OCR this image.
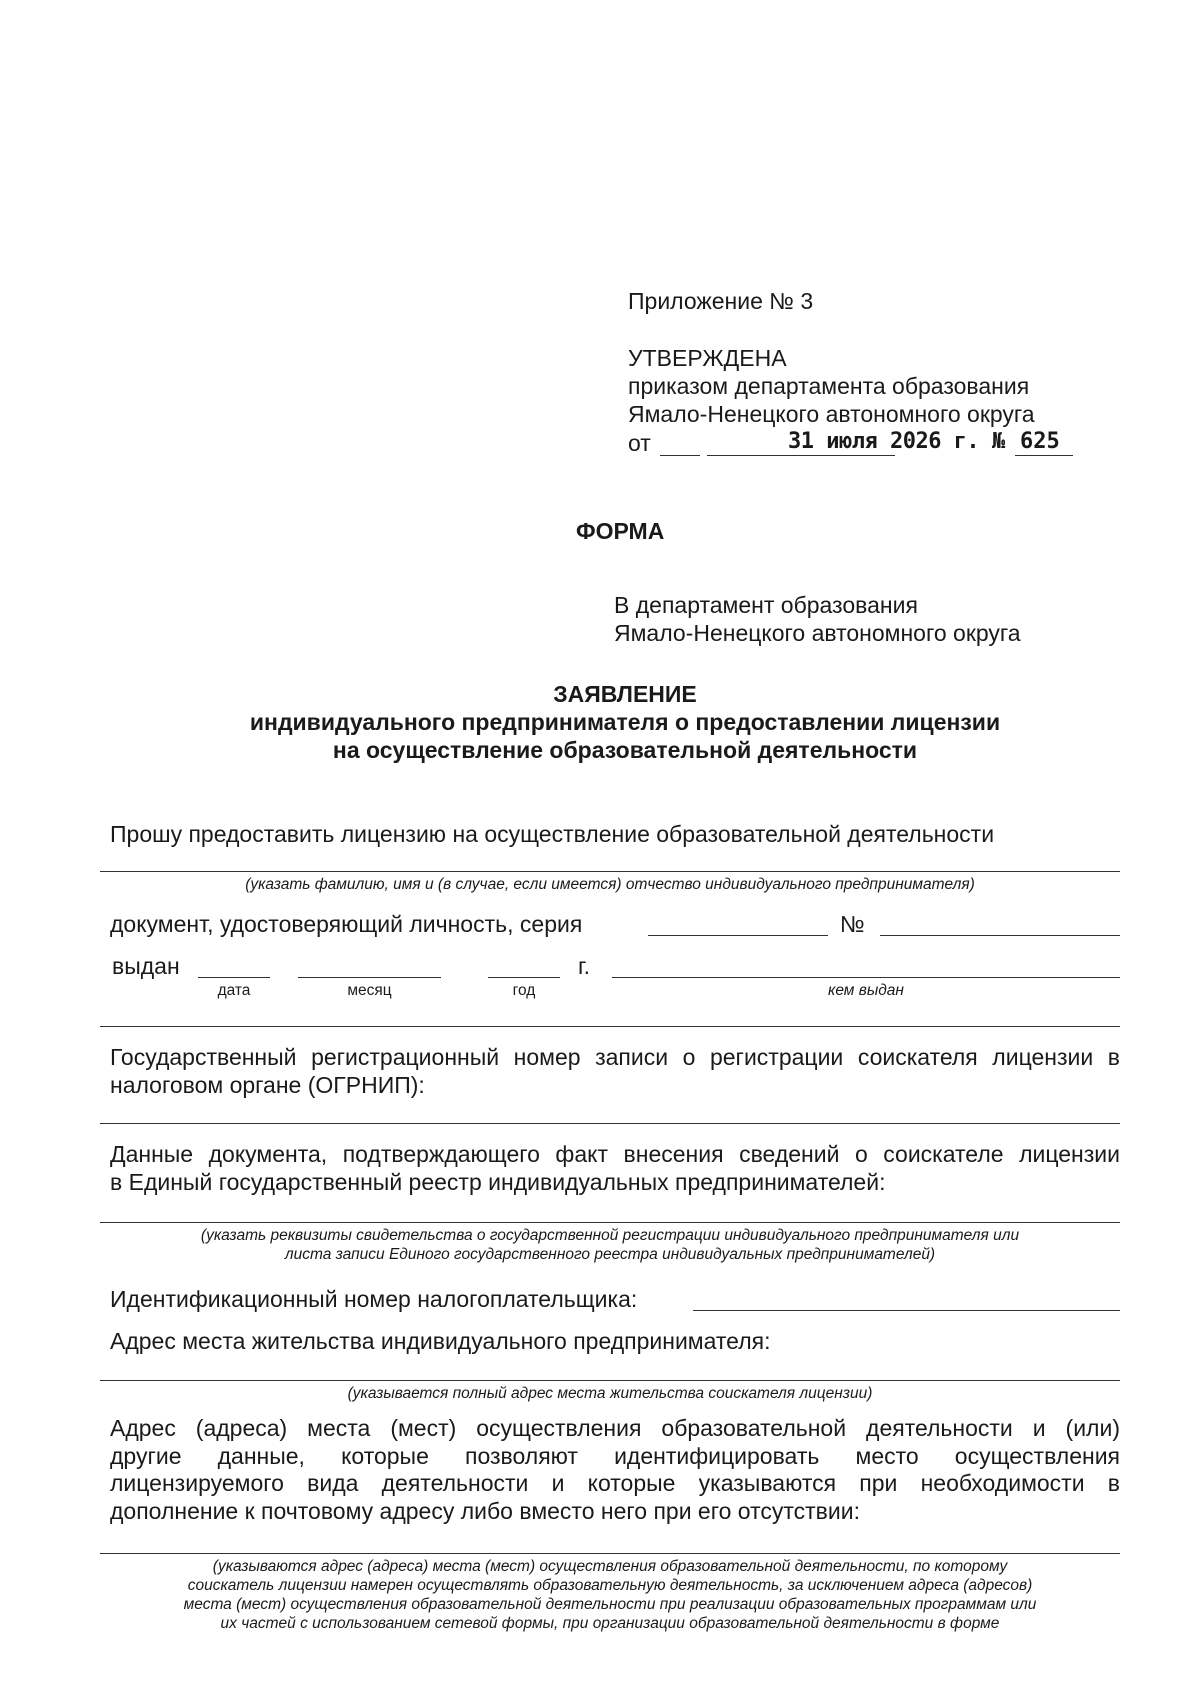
Приложение № 3
УТВЕРЖДЕНА
приказом департамента образования
Ямало-Ненецкого автономного округа
от	31 июля 2026 г. № 625
ФОРМА
В департамент образования
Ямало-Ненецкого автономного округа
ЗАЯВЛЕНИЕ
индивидуального предпринимателя о предоставлении лицензии
на осуществление образовательной деятельности
Прошу предоставить лицензию на осуществление образовательной деятельности
(указать фамилию, имя и (в случае, если имеется) отчество индивидуального предпринимателя)
документ, удостоверяющий личность, серия	№
выдан	г.
дата	месяц	год	кем выдан
Государственный регистрационный номер записи о регистрации соискателя лицензии в
налоговом органе (ОГРНИП):
Данные документа, подтверждающего факт внесения сведений о соискателе лицензии
в Единый государственный реестр индивидуальных предпринимателей:
(указать реквизиты свидетельства о государственной регистрации индивидуального предпринимателя или
листа записи Единого государственного реестра индивидуальных предпринимателей)
Идентификационный номер налогоплательщика:
Адрес места жительства индивидуального предпринимателя:
(указывается полный адрес места жительства соискателя лицензии)
Адрес (адреса) места (мест) осуществления образовательной деятельности и (или)
другие данные, которые позволяют идентифицировать место осуществления
лицензируемого вида деятельности и которые указываются при необходимости в
дополнение к почтовому адресу либо вместо него при его отсутствии:
(указываются адрес (адреса) места (мест) осуществления образовательной деятельности, по которому
соискатель лицензии намерен осуществлять образовательную деятельность, за исключением адреса (адресов)
места (мест) осуществления образовательной деятельности при реализации образовательных программам или
их частей с использованием сетевой формы, при организации образовательной деятельности в форме
